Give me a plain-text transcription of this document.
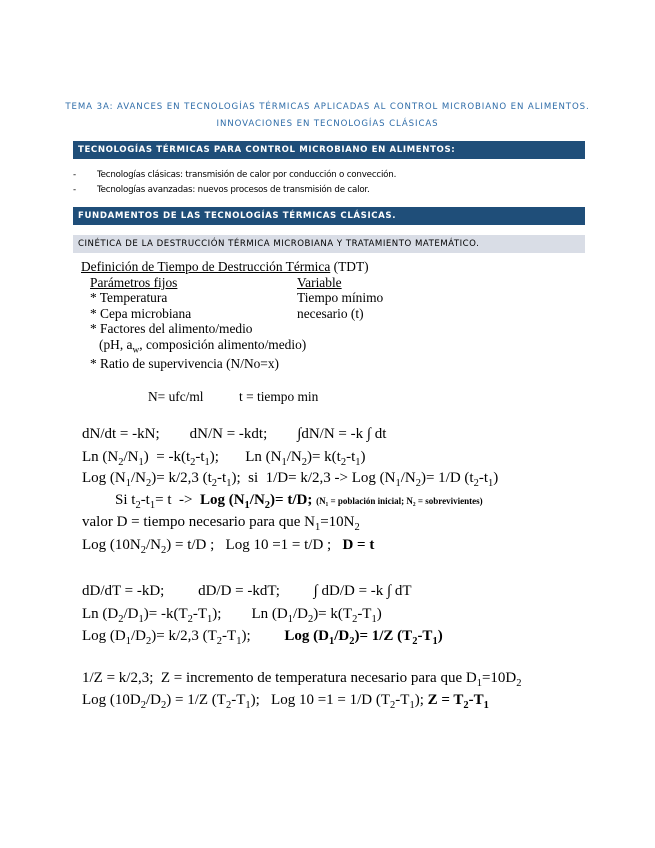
TEMA 3A: AVANCES EN TECNOLOGÍAS TÉRMICAS APLICADAS AL CONTROL MICROBIANO EN ALIMENTOS.
INNOVACIONES EN TECNOLOGÍAS CLÁSICAS
TECNOLOGÍAS TÉRMICAS PARA CONTROL MICROBIANO EN ALIMENTOS:
- Tecnologías clásicas: transmisión de calor por conducción o convección.
- Tecnologías avanzadas: nuevos procesos de transmisión de calor.
FUNDAMENTOS DE LAS TECNOLOGÍAS TÉRMICAS CLÁSICAS.
CINÉTICA DE LA DESTRUCCIÓN TÉRMICA MICROBIANA Y TRATAMIENTO MATEMÁTICO.
Definición de Tiempo de Destrucción Térmica (TDT)
Parámetros fijos	Variable
* Temperatura	Tiempo mínimo
* Cepa microbiana	necesario (t)
* Factores del alimento/medio
(pH, $a_w$, composición alimento/medio)
* Ratio de supervivencia (N/No=x)
N= ufc/ml	t = tiempo min
dN/dt = -kN;        dN/N = -kdt;        ∫dN/N = -k ∫ dt
Ln $(N_2/N_1) = -k(t_2-t_1)$;       Ln $(N_1/N_2)= k(t_2-t_1)$
Log $(N_1/N_2)= k/2,3$ $(t_2-t_1)$;  si  1/D= k/2,3 -> Log $(N_1/N_2)= 1/D$ $(t_2-t_1)$
Si $t_2-t_1= t$  ->  Log $(N_1/N_2)= t/D$; (N₁ = población inicial; N₂ = sobrevivientes)
valor D = tiempo necesario para que $N_1=10N_2$
Log $(10N_2/N_2) = t/D$ ;   Log 10 =1 = t/D ;   D = t
dD/dT = -kD;         dD/D = -kdT;         ∫ dD/D = -k ∫ dT
Ln $(D_2/D_1)= -k(T_2-T_1)$;        Ln $(D_1/D_2)= k(T_2-T_1)$
Log $(D_1/D_2)= k/2,3$ $(T_2-T_1)$;         Log $(D_1/D_2)= 1/Z$ $(T_2-T_1)$
1/Z = k/2,3;  Z = incremento de temperatura necesario para que $D_1=10D_2$
Log $(10D_2/D_2) = 1/Z$ $(T_2-T_1)$;   Log 10 =1 = 1/D $(T_2-T_1)$; $Z = T_2-T_1$
